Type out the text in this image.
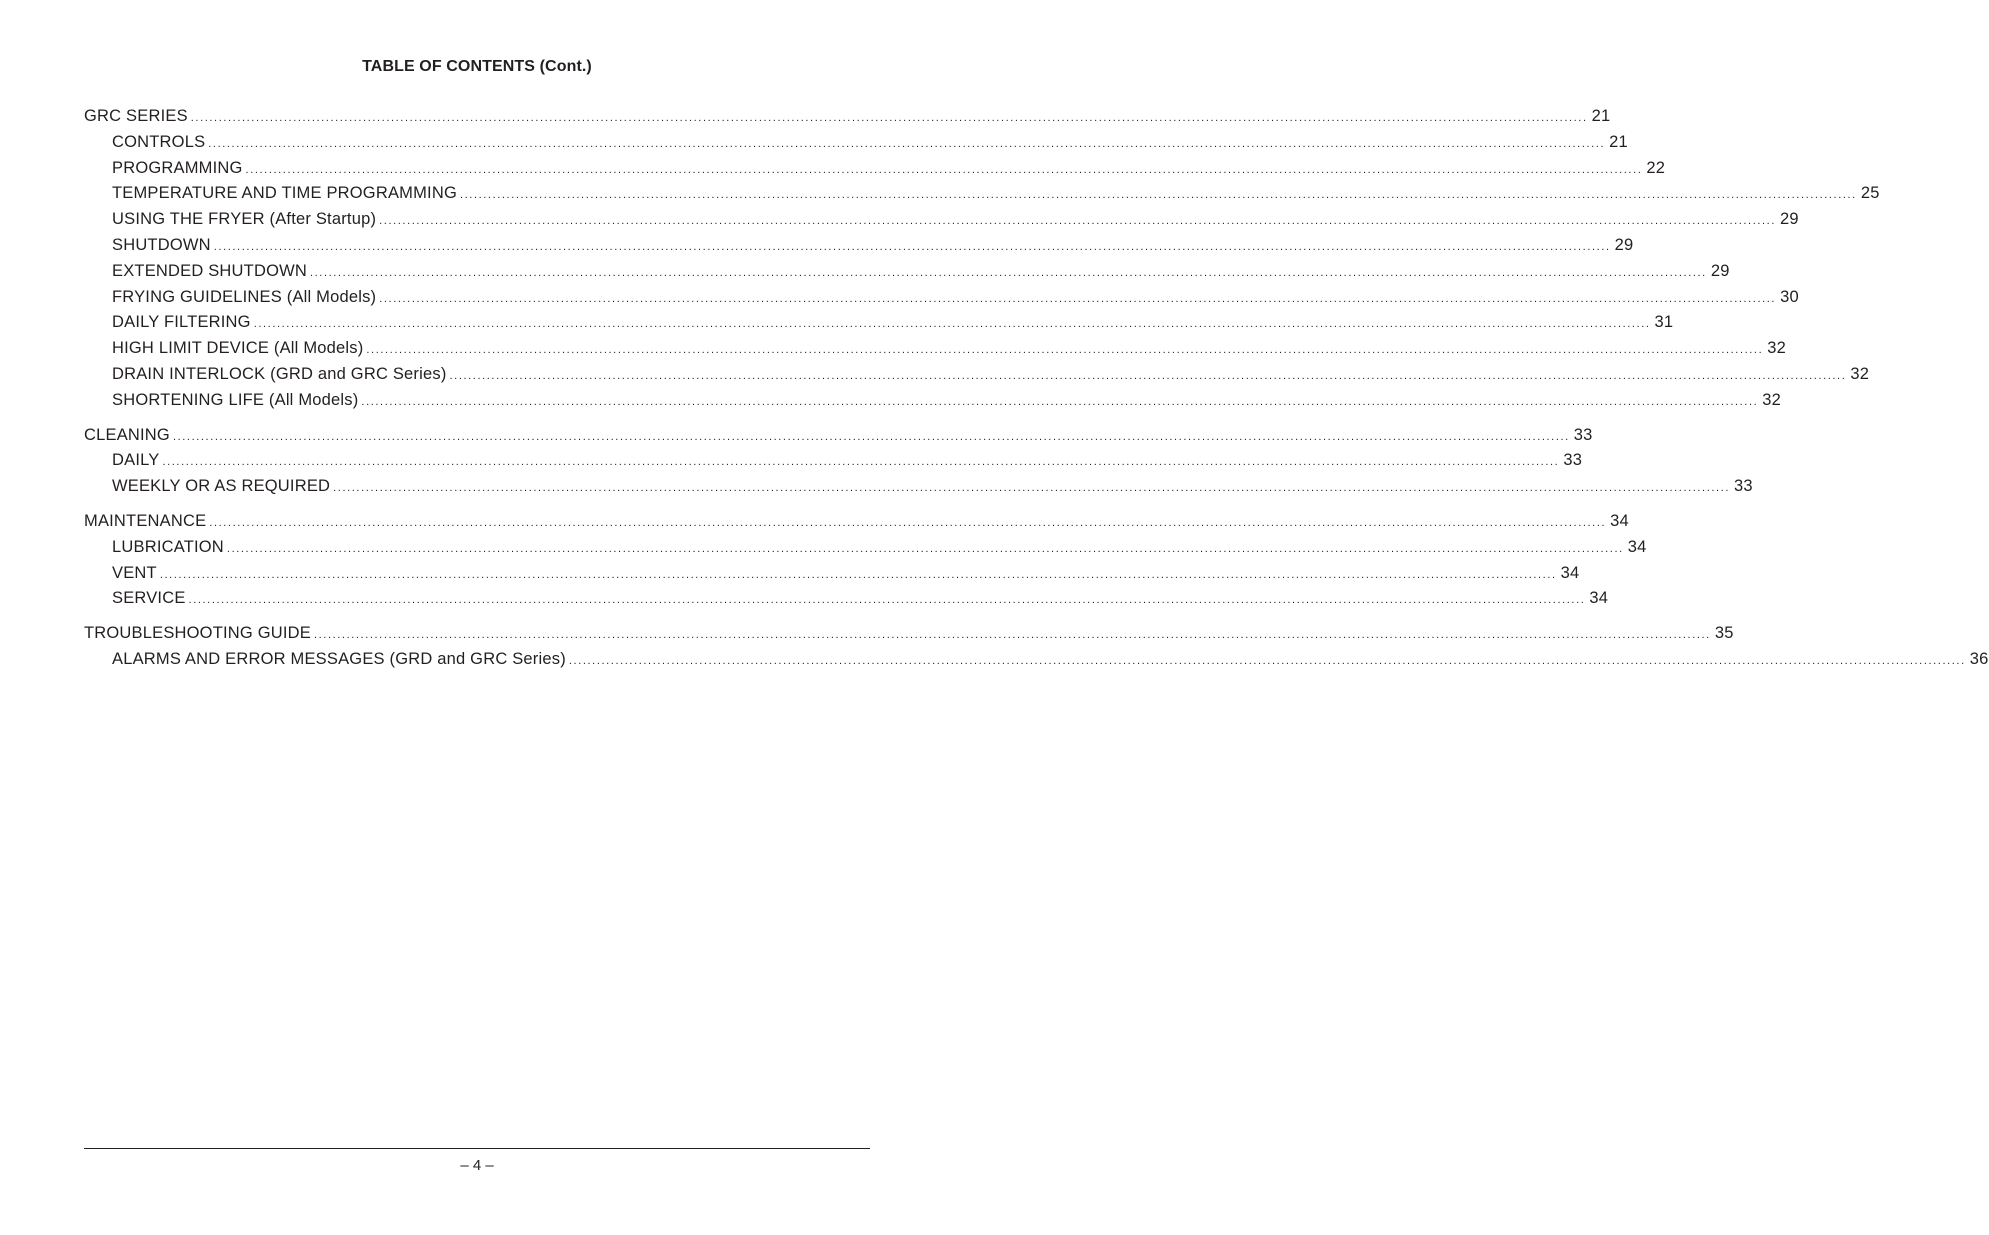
TABLE OF CONTENTS (Cont.)
GRC SERIES ............................................................................................................................................................................................................................................................................................................ 21
CONTROLS ............................................................................................................................................................................................................................................................................................................ 21
PROGRAMMING ............................................................................................................................................................................................................................................................................................................ 22
TEMPERATURE AND TIME PROGRAMMING ............................................................................................................................................................................................................................................................................................................ 25
USING THE FRYER (After Startup) ............................................................................................................................................................................................................................................................................................................ 29
SHUTDOWN ............................................................................................................................................................................................................................................................................................................ 29
EXTENDED SHUTDOWN ............................................................................................................................................................................................................................................................................................................ 29
FRYING GUIDELINES (All Models) ............................................................................................................................................................................................................................................................................................................ 30
DAILY FILTERING ............................................................................................................................................................................................................................................................................................................ 31
HIGH LIMIT DEVICE (All Models) ............................................................................................................................................................................................................................................................................................................ 32
DRAIN INTERLOCK (GRD and GRC Series) ............................................................................................................................................................................................................................................................................................................ 32
SHORTENING LIFE (All Models) ............................................................................................................................................................................................................................................................................................................ 32
CLEANING ............................................................................................................................................................................................................................................................................................................ 33
DAILY ............................................................................................................................................................................................................................................................................................................ 33
WEEKLY OR AS REQUIRED ............................................................................................................................................................................................................................................................................................................ 33
MAINTENANCE ............................................................................................................................................................................................................................................................................................................ 34
LUBRICATION ............................................................................................................................................................................................................................................................................................................ 34
VENT ............................................................................................................................................................................................................................................................................................................ 34
SERVICE ............................................................................................................................................................................................................................................................................................................ 34
TROUBLESHOOTING GUIDE ............................................................................................................................................................................................................................................................................................................ 35
ALARMS AND ERROR MESSAGES (GRD and GRC Series) ............................................................................................................................................................................................................................................................................................................ 36
– 4 –
